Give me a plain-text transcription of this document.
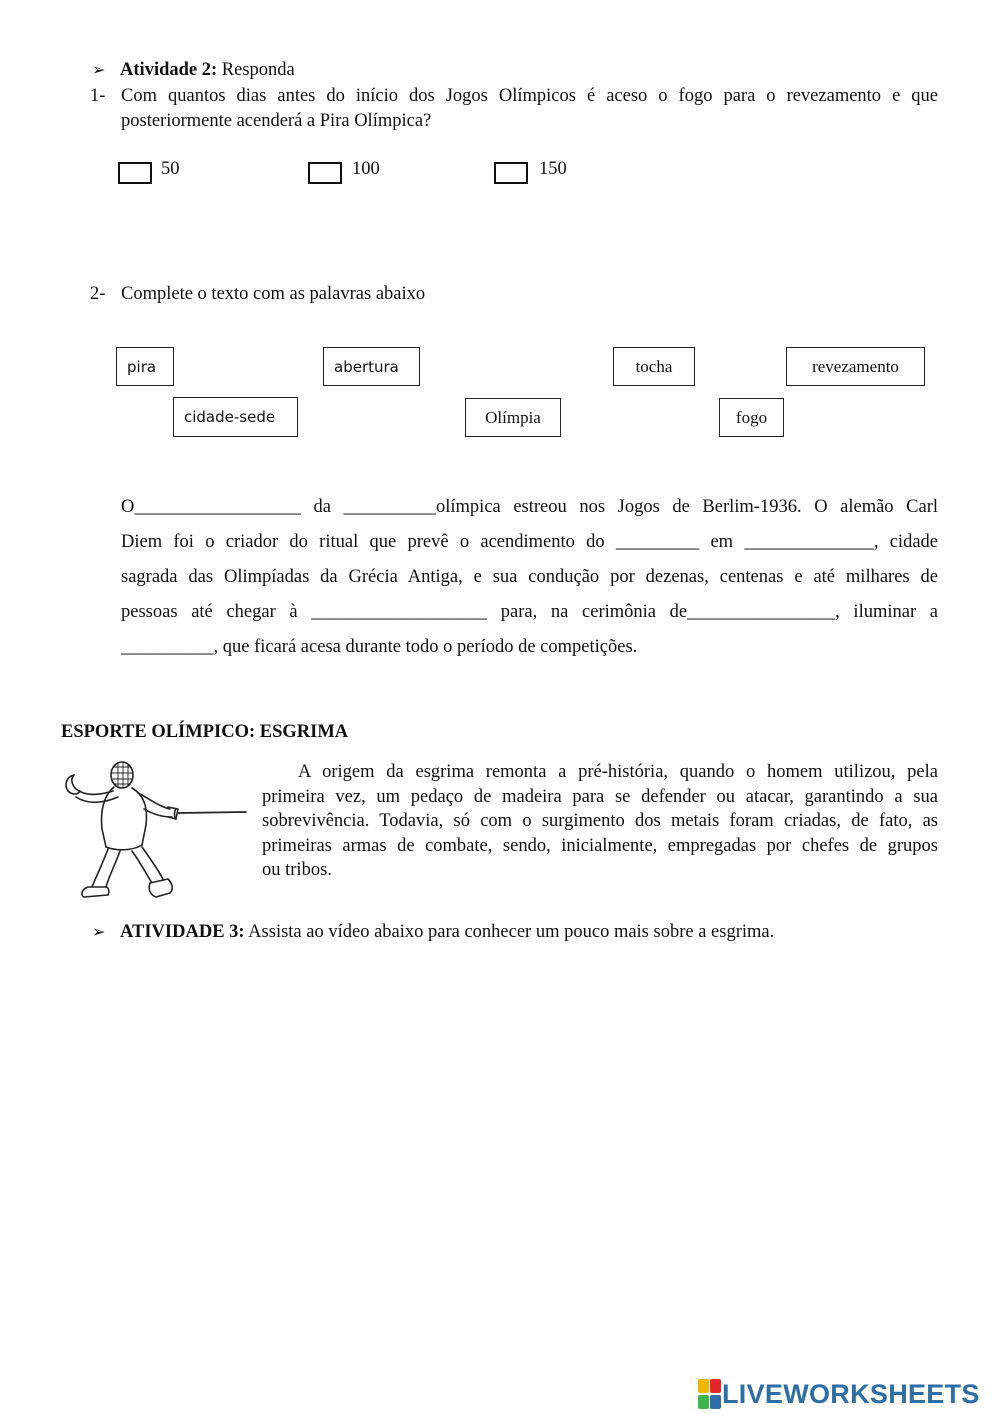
➢ Atividade 2: Responda
1- Com quantos dias antes do início dos Jogos Olímpicos é aceso o fogo para o revezamento e que
posteriormente acenderá a Pira Olímpica?
50	100	150
2- Complete o texto com as palavras abaixo
pira	abertura	tocha	revezamento
cidade-sede	Olímpia	fogo
O__________________ da __________olímpica estreou nos Jogos de Berlim-1936. O alemão Carl
Diem foi o criador do ritual que prevê o acendimento do _________ em ______________, cidade
sagrada das Olimpíadas da Grécia Antiga, e sua condução por dezenas, centenas e até milhares de
pessoas até chegar à ___________________ para, na cerimônia de________________, iluminar a
__________, que ficará acesa durante todo o período de competições.
ESPORTE OLÍMPICO: ESGRIMA
A origem da esgrima remonta a pré-história, quando o homem utilizou, pela
primeira vez, um pedaço de madeira para se defender ou atacar, garantindo a sua
sobrevivência. Todavia, só com o surgimento dos metais foram criadas, de fato, as
primeiras armas de combate, sendo, inicialmente, empregadas por chefes de grupos
ou tribos.
➢ ATIVIDADE 3: Assista ao vídeo abaixo para conhecer um pouco mais sobre a esgrima.
LIVEWORKSHEETS
